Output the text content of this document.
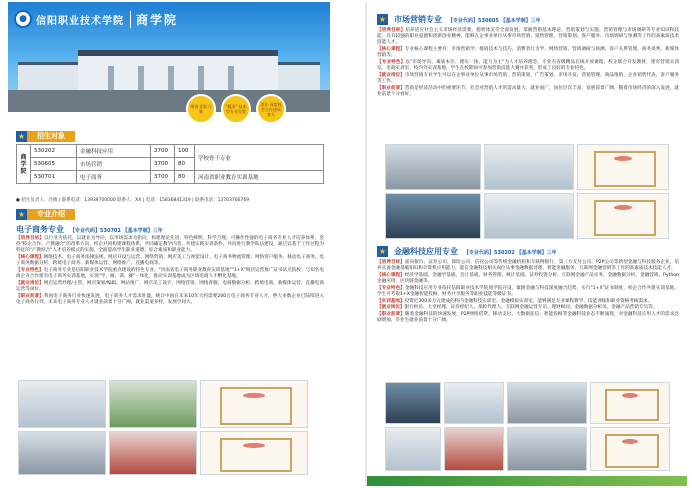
● 信阳职业技术学院	商学院
师资·团队力量
"精深"·技术型专业设置
就业·深度校企合作协同育人
★	招生对象
商学院	530202	金融科技应用	3700	100	学校骨干专业
	530605	市场营销	3700	80	
	530701	电子商务	3700	80	河南省职业教育实训基地
● 招生负责人：冷晴 | 联系电话：13939700000 联系人：XX | 电话：15836841319 | 联系电话：13703766769
★	专业介绍
电子商务专业 【专业代码】530701 【基本学制】三年

【培养目标】以行业为依托，以就业为导向，以市场需求为指向，构建理论先进、特色鲜明、科学合理、可操作性强的电子商务专业人才培养体系，坚持"校企合作、产教融合"的改革方向，校企共同构建课程体系，共同确定教学内容，共建实践实训条件，共同进行教学队伍建设，通过以基于工作过程为特征的"产教结合"人才培养模式的实施，全面提高学生职业道德、综合素质和职业能力。

【核心课程】网络技术、电子商务法律法规、网店开设与运营、网络营销、网店美工与视觉设计、电子商务物流管理、网络客户服务、移动电子商务、电子商务数据分析、跨境电子商务、新媒体运营、网络推广、直播电商等。

【专业特色】电子商务专业是信阳职业技术学院重点建设的特色专业。"河南省电子商务职业教育实训基地""1+X"网店运营推广证书试点院校；与知名电商企业合作建有电子商务实训基地，实现"学、做、训、赛"一体化，推动实训基地成为区域电商人才孵化基地。

【就业岗位】网店运营经理/主管、网店策划/编辑、网站推广、网店美工设计、网络营销、网络客服、电商数据分析、跨境电商、新媒体运营、直播电商运营等岗位。

【职业前景】我国电子商务行业快速发展，电子商务人才需求旺盛，统计中国在未来10年大约需要200万电子商务专业人才，绝大多数企业已陆续进入电子商务行列，未来电子商务专业人才就业前景十分广阔，就业渠道多样，发展空间大。

★ 市场营销专业 【专业代码】530605 【基本学制】三年

【培养目标】培养适应社会主义市场经济需要，德智体美劳全面发展，掌握营销基本理论、营销策划与实施、营销管理与市场调研等专业知识和技能，具有较强的职业道德和创新创业精神，能够在企事业单位从事市场营销、销售管理、营销策划、客户服务、市场调研与预测等工作的高素质技术技能人才。

【核心课程】专业核心课程主要有：市场营销学、推销技术与技巧、消费者行为学、网络营销、营销调研与预测、客户关系管理、商务谈判、新媒体营销等。

【专业特色】以"市场导向、素质本位、理实一体、能力为主"为人才培养理念，专业有省级精品在线开放课程，校企联合开发教材，建有营销实训室、电商实训室、校内外实训基地，学生在校期间可参加营销技能大赛并获奖，形成了良好的专业特色。

【就业岗位】市场营销专业学生可以在企事业单位从事市场营销、营销策划、广告策划、市场开发、营销管理、商品推销、企业销售代表、客户服务等工作。

【职业前景】营销是经济活动中的重要环节，社会对营销人才的需求量大，就业面广，岗位层次丰富，发展前景广阔，随着市场经济的深入发展，就业前景十分看好。

★ 金融科技应用专业 【专业代码】530202 【基本学制】三年

【培养目标】面向银行、证券公司、保险公司、信托公司等传统金融机构和互联网银行、第三方支付公司、P2P公司等新型金融与科技服务企业，培养具备金融基础知识和计算机应用能力，能在金融科技相关岗位从事金融数据处理、智能金融服务、互联网金融营销等工作的高素质技术技能人才。

【核心课程】经济学基础、金融学基础、会计基础、财务管理、统计基础、证券投资分析、互联网金融产品实务、金融数据分析、金融营销、Python金融应用、区块链金融等。

【专业特色】金融科技应用专业依托信阳职业技术学院商学院开设，紧跟金融与科技深度融合趋势，实行"1+X"证书制度，校企合作共建实训基地，学生可考取1+X金融智能投顾、财务共享服务等职业技能等级证书。

【实训基地】投资近300多万元建成的校内金融科技实训室、金融模拟实训室，能够满足专业课程教学、技能训练和职业资格考核需求。

【就业岗位】银行柜员、大堂经理、证券经纪人、保险代理人、互联网金融运营专员、理财顾问、金融数据分析员、金融产品营销专员等。

【职业前景】随着金融科技的快速发展，P2P网络借贷、移动支付、大数据征信、智能投顾等金融科技业态不断涌现，对金融科技应用人才的需求急剧增加，毕业生就业前景十分广阔。
